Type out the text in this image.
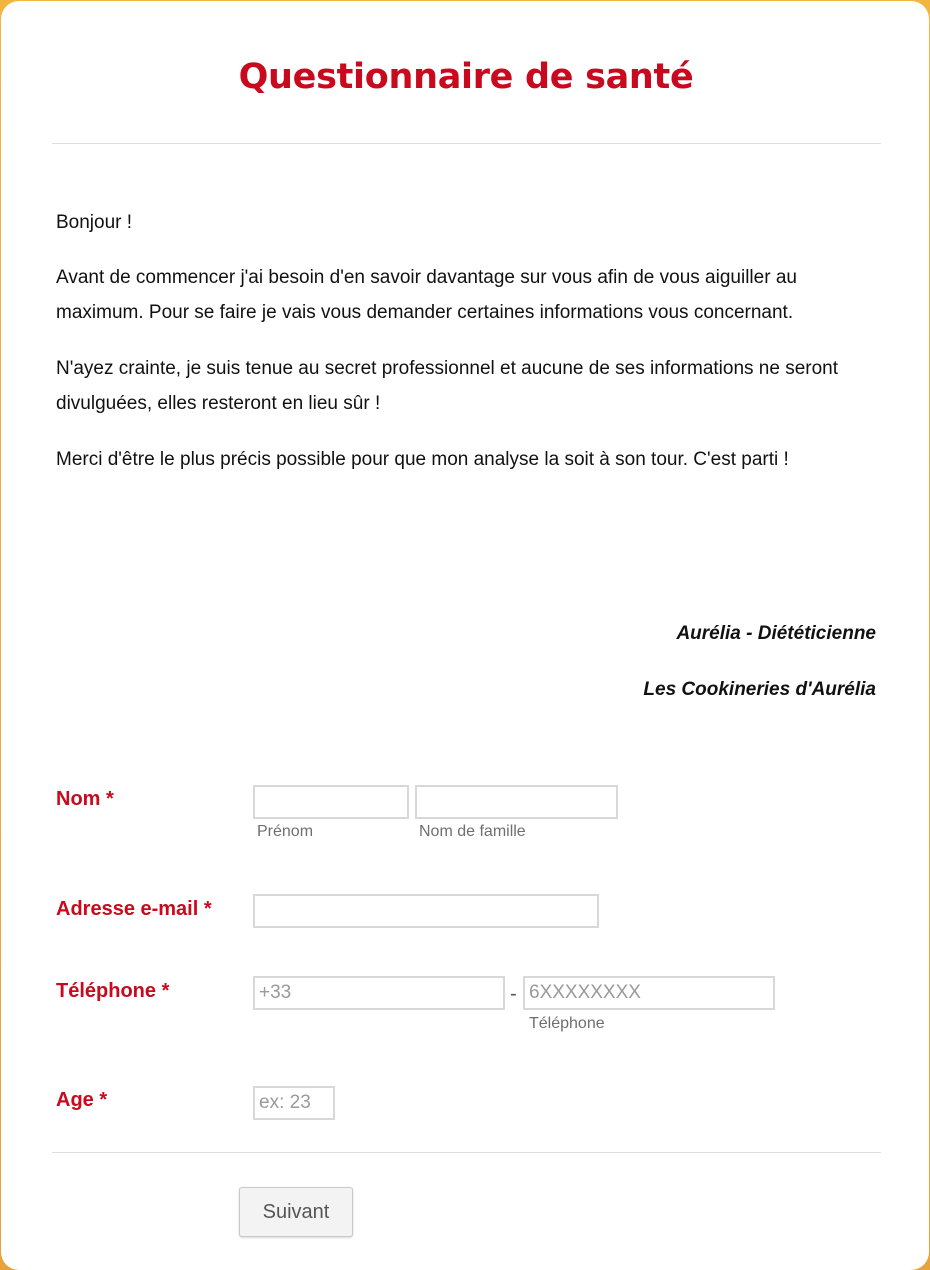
Questionnaire de santé

Bonjour !

Avant de commencer j'ai besoin d'en savoir davantage sur vous afin de vous aiguiller au maximum. Pour se faire je vais vous demander certaines informations vous concernant.

N'ayez crainte, je suis tenue au secret professionnel et aucune de ses informations ne seront divulguées, elles resteront en lieu sûr !

Merci d'être le plus précis possible pour que mon analyse la soit à son tour. C'est parti !

Aurélia - Diététicienne
Les Cookineries d'Aurélia
Nom *
Prénom	Nom de famille
Adresse e-mail *
Téléphone *
+33	-
6XXXXXXXX
Téléphone
Age *
ex: 23
Suivant
